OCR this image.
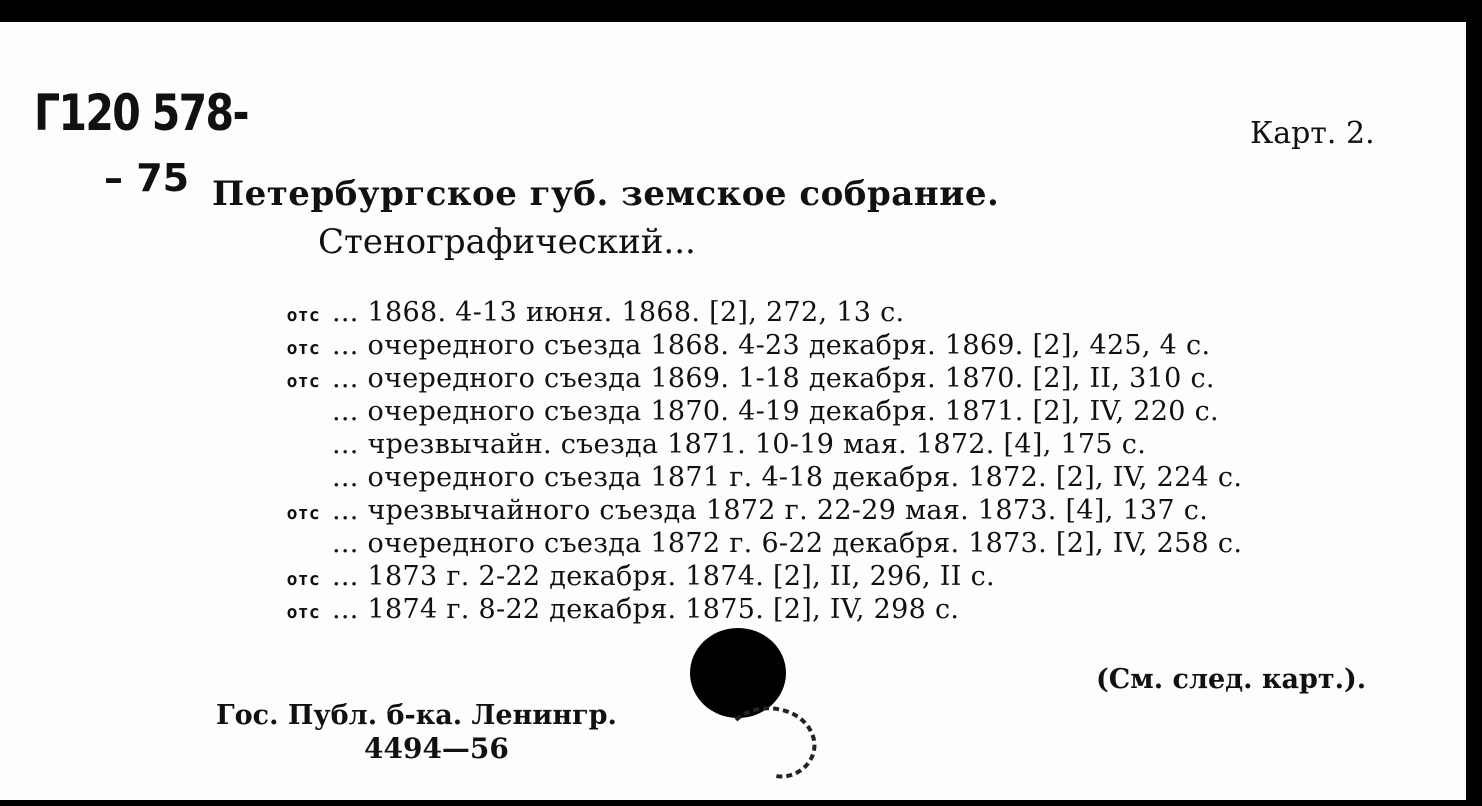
Г120 578-
– 75
Карт. 2.
Петербургское губ. земское собрание.
Стенографический...
отс ... 1868. 4-13 июня. 1868. [2], 272, 13 с.
отс ... очередного съезда 1868. 4-23 декабря. 1869. [2], 425, 4 с.
отс ... очередного съезда 1869. 1-18 декабря. 1870. [2], II, 310 с.
... очередного съезда 1870. 4-19 декабря. 1871. [2], IV, 220 с.
... чрезвычайн. съезда 1871. 10-19 мая. 1872. [4], 175 с.
... очередного съезда 1871 г. 4-18 декабря. 1872. [2], IV, 224 с.
отс ... чрезвычайного съезда 1872 г. 22-29 мая. 1873. [4], 137 с.
... очередного съезда 1872 г. 6-22 декабря. 1873. [2], IV, 258 с.
отс ... 1873 г. 2-22 декабря. 1874. [2], II, 296, II с.
отс ... 1874 г. 8-22 декабря. 1875. [2], IV, 298 с.
(См. след. карт.).
Гос. Публ. б-ка. Ленингр.
4494—56
